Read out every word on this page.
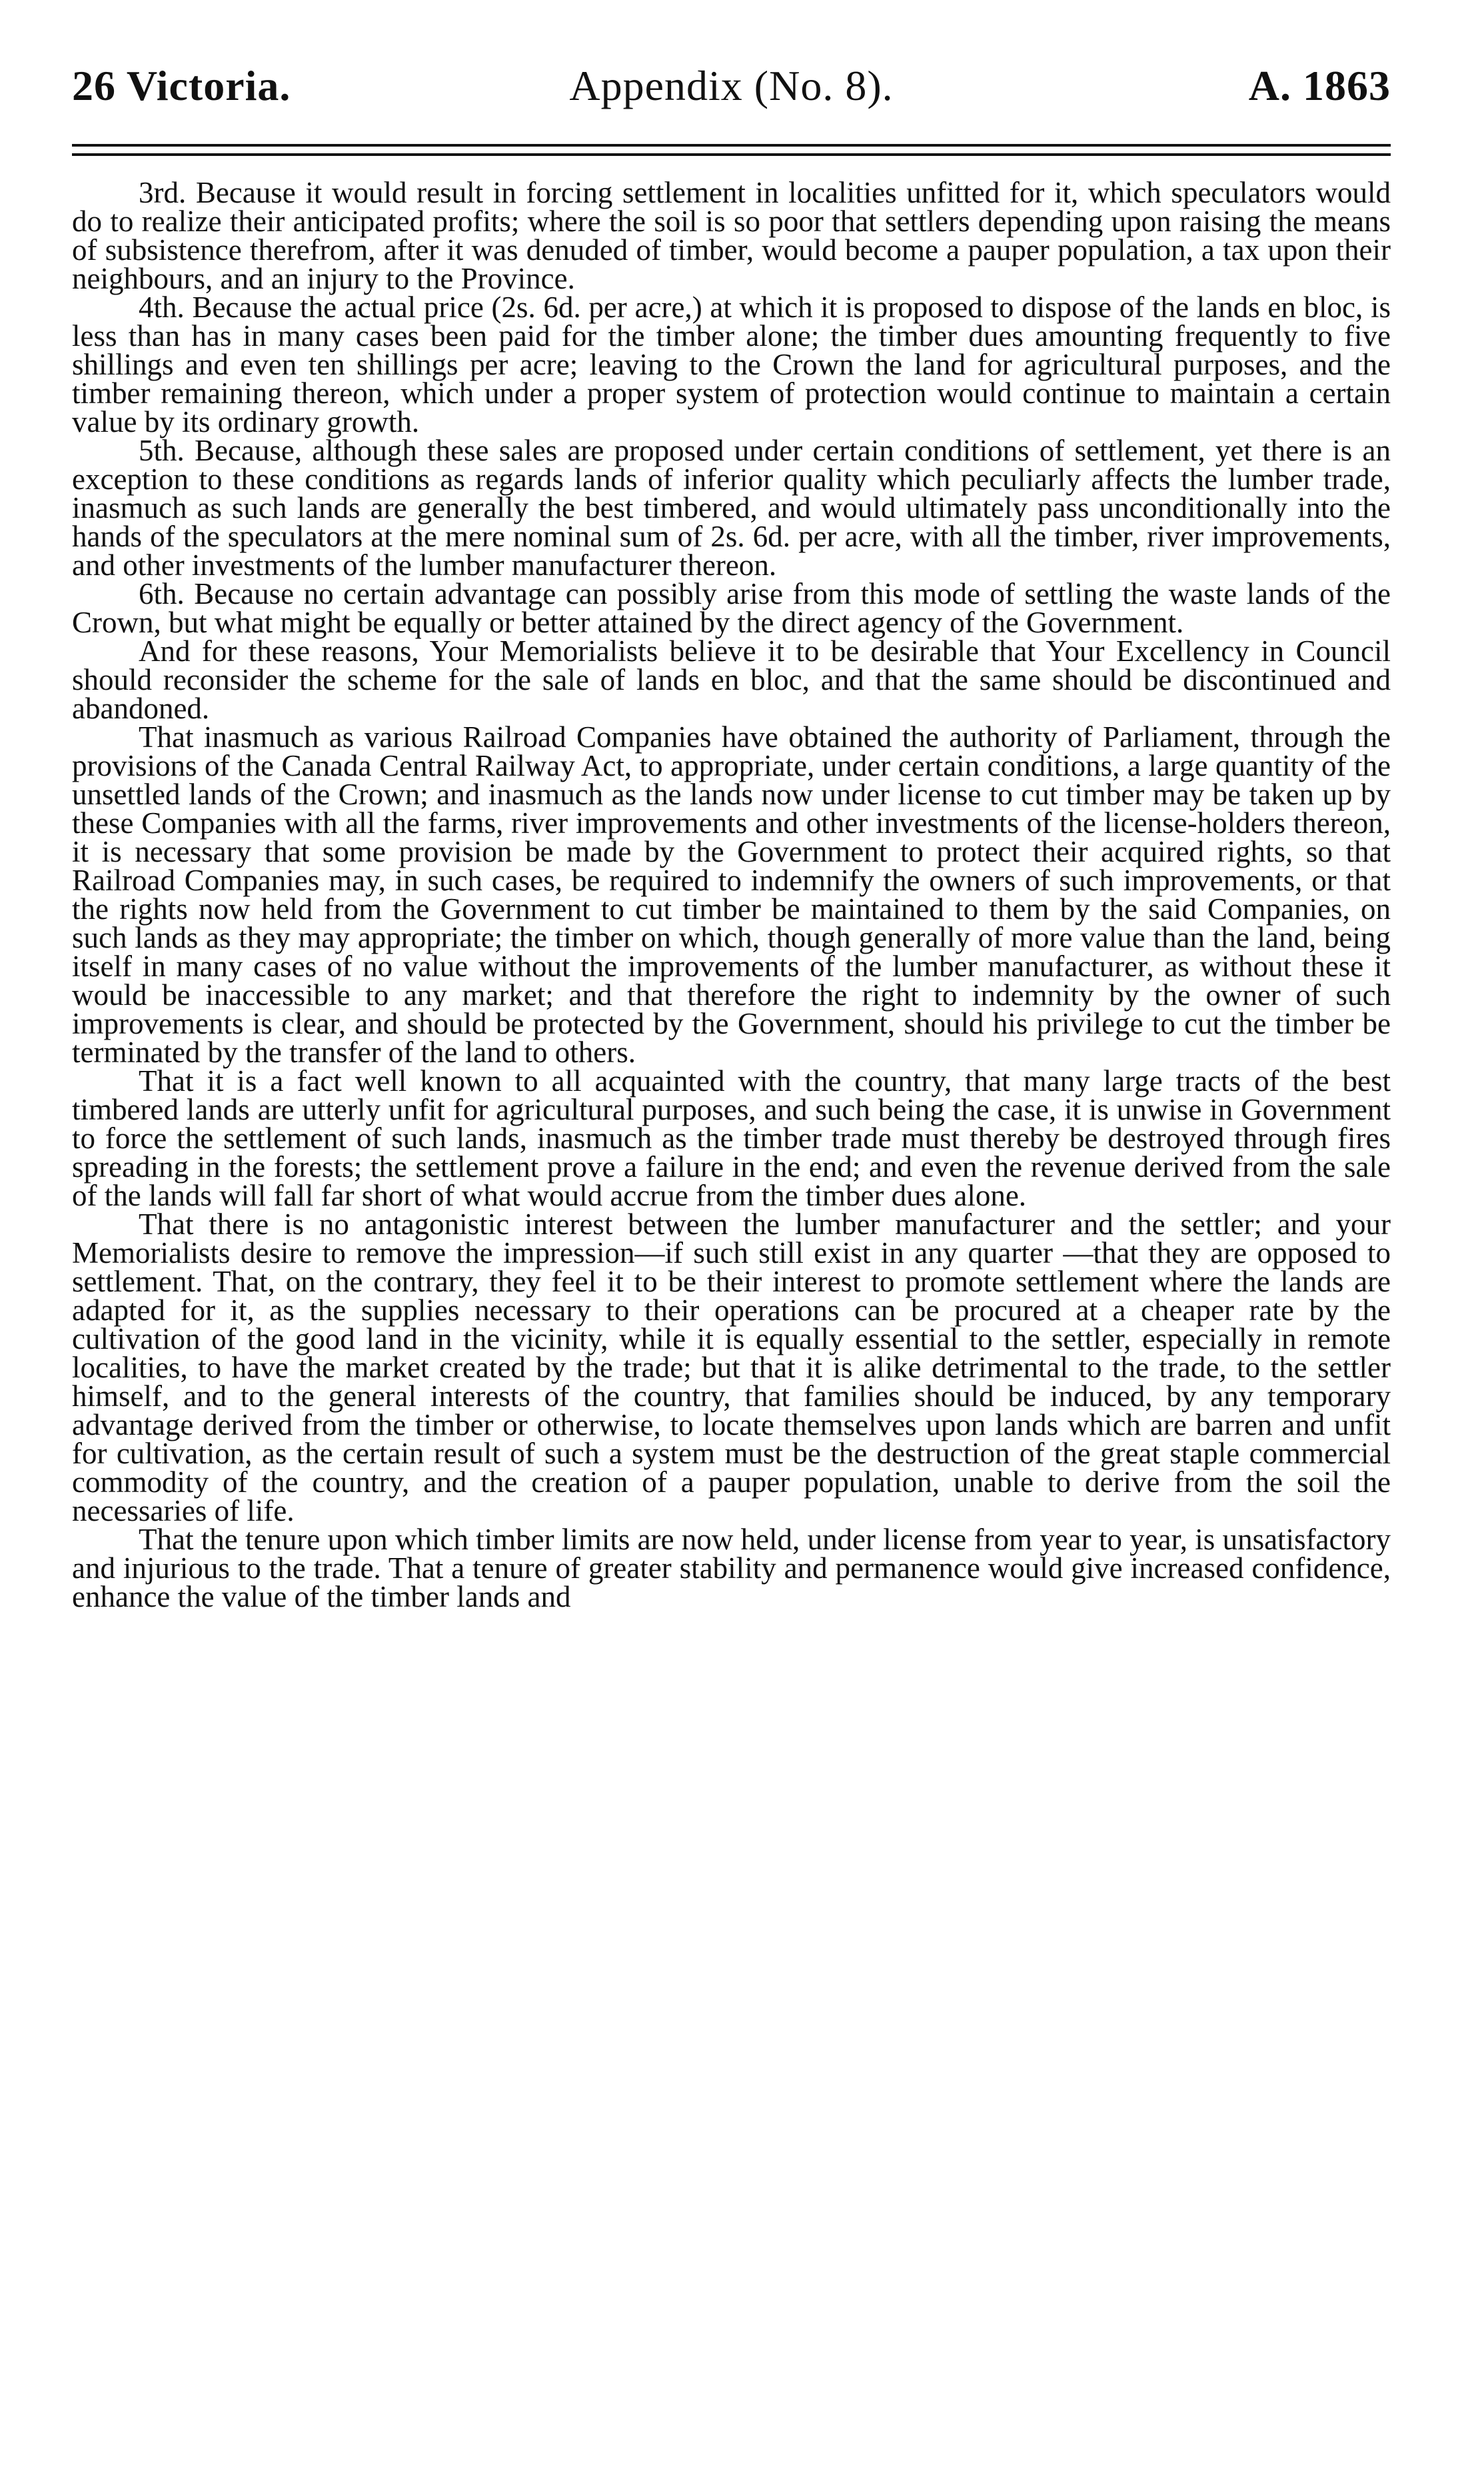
26 Victoria.	Appendix (No. 8).	A. 1863

3rd. Because it would result in forcing settlement in localities unfitted for it, which speculators would do to realize their anticipated profits; where the soil is so poor that settlers depending upon raising the means of subsistence therefrom, after it was denuded of timber, would become a pauper population, a tax upon their neighbours, and an injury to the Province.

4th. Because the actual price (2s. 6d. per acre,) at which it is proposed to dispose of the lands en bloc, is less than has in many cases been paid for the timber alone; the timber dues amounting frequently to five shillings and even ten shillings per acre; leaving to the Crown the land for agricultural purposes, and the timber remaining thereon, which under a proper system of protection would continue to maintain a certain value by its ordinary growth.

5th. Because, although these sales are proposed under certain conditions of settlement, yet there is an exception to these conditions as regards lands of inferior quality which peculiarly affects the lumber trade, inasmuch as such lands are generally the best timbered, and would ultimately pass unconditionally into the hands of the speculators at the mere nominal sum of 2s. 6d. per acre, with all the timber, river improvements, and other investments of the lumber manufacturer thereon.

6th. Because no certain advantage can possibly arise from this mode of settling the waste lands of the Crown, but what might be equally or better attained by the direct agency of the Government.

And for these reasons, Your Memorialists believe it to be desirable that Your Excellency in Council should reconsider the scheme for the sale of lands en bloc, and that the same should be discontinued and abandoned.

That inasmuch as various Railroad Companies have obtained the authority of Parliament, through the provisions of the Canada Central Railway Act, to appropriate, under certain conditions, a large quantity of the unsettled lands of the Crown; and inasmuch as the lands now under license to cut timber may be taken up by these Companies with all the farms, river improvements and other investments of the license-holders thereon, it is necessary that some provision be made by the Government to protect their acquired rights, so that Railroad Companies may, in such cases, be required to indemnify the owners of such improvements, or that the rights now held from the Government to cut timber be maintained to them by the said Companies, on such lands as they may appropriate; the timber on which, though generally of more value than the land, being itself in many cases of no value without the improvements of the lumber manufacturer, as without these it would be inaccessible to any market; and that therefore the right to indemnity by the owner of such improvements is clear, and should be protected by the Government, should his privilege to cut the timber be terminated by the transfer of the land to others.

That it is a fact well known to all acquainted with the country, that many large tracts of the best timbered lands are utterly unfit for agricultural purposes, and such being the case, it is unwise in Government to force the settlement of such lands, inasmuch as the timber trade must thereby be destroyed through fires spreading in the forests; the settlement prove a failure in the end; and even the revenue derived from the sale of the lands will fall far short of what would accrue from the timber dues alone.

That there is no antagonistic interest between the lumber manufacturer and the settler; and your Memorialists desire to remove the impression—if such still exist in any quarter —that they are opposed to settlement. That, on the contrary, they feel it to be their interest to promote settlement where the lands are adapted for it, as the supplies necessary to their operations can be procured at a cheaper rate by the cultivation of the good land in the vicinity, while it is equally essential to the settler, especially in remote localities, to have the market created by the trade; but that it is alike detrimental to the trade, to the settler himself, and to the general interests of the country, that families should be induced, by any temporary advantage derived from the timber or otherwise, to locate themselves upon lands which are barren and unfit for cultivation, as the certain result of such a system must be the destruction of the great staple commercial commodity of the country, and the creation of a pauper population, unable to derive from the soil the necessaries of life.

That the tenure upon which timber limits are now held, under license from year to year, is unsatisfactory and injurious to the trade. That a tenure of greater stability and permanence would give increased confidence, enhance the value of the timber lands and
